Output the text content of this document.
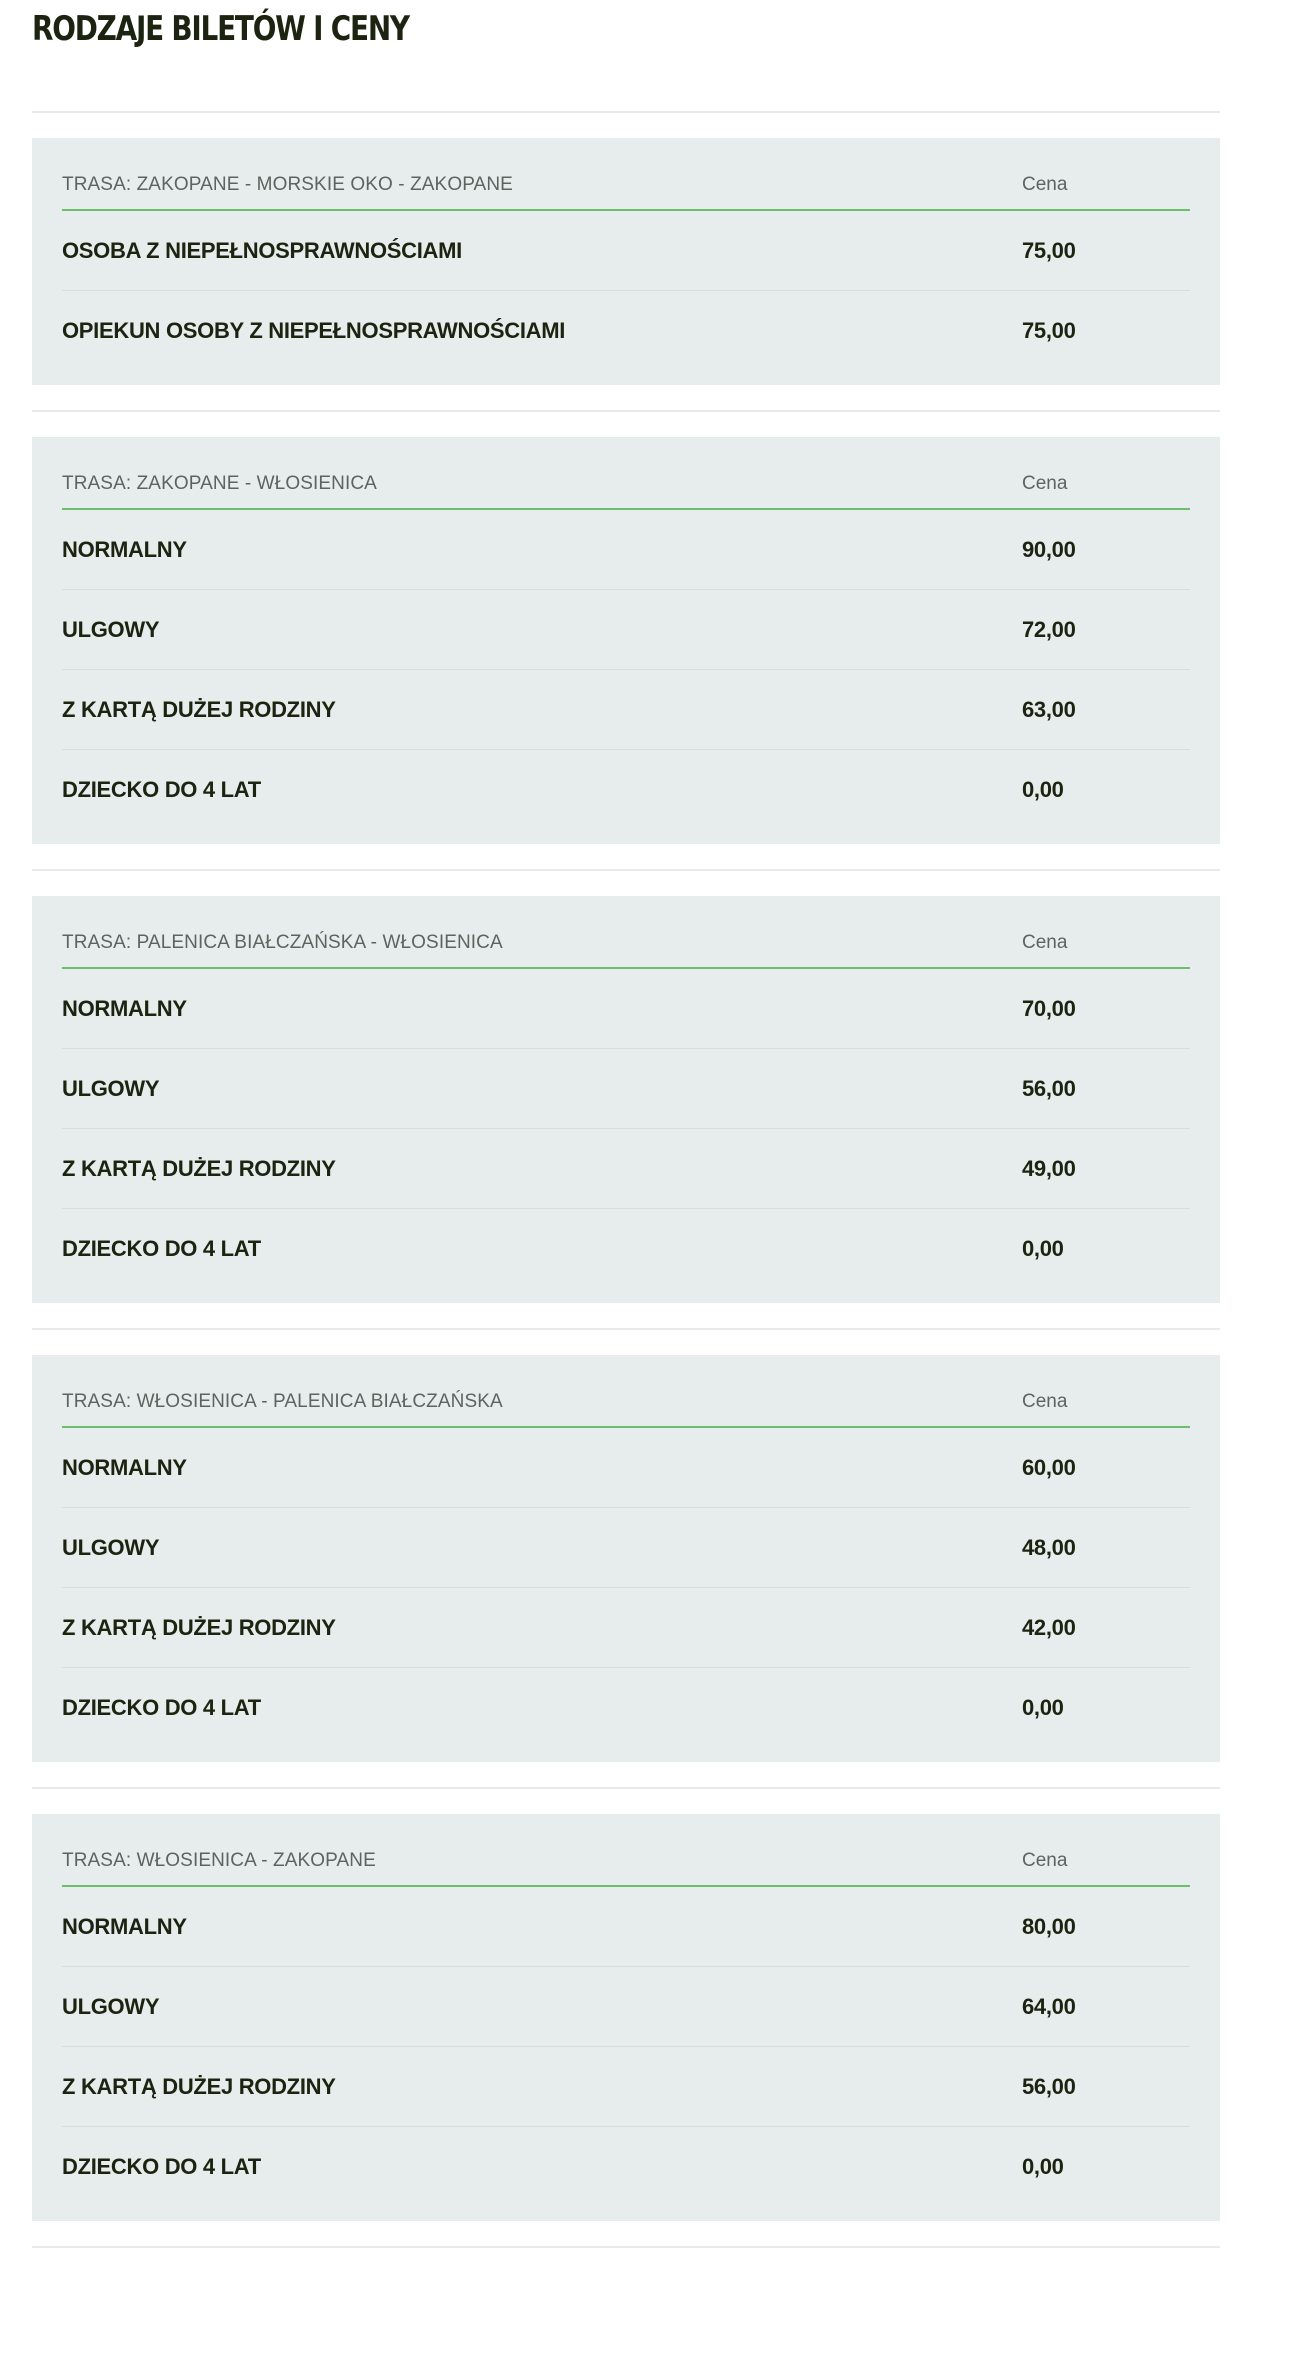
RODZAJE BILETÓW I CENY
TRASA: ZAKOPANE - MORSKIE OKO - ZAKOPANE	Cena
OSOBA Z NIEPEŁNOSPRAWNOŚCIAMI	75,00
OPIEKUN OSOBY Z NIEPEŁNOSPRAWNOŚCIAMI	75,00
TRASA: ZAKOPANE - WŁOSIENICA	Cena
NORMALNY	90,00
ULGOWY	72,00
Z KARTĄ DUŻEJ RODZINY	63,00
DZIECKO DO 4 LAT	0,00
TRASA: PALENICA BIAŁCZAŃSKA - WŁOSIENICA	Cena
NORMALNY	70,00
ULGOWY	56,00
Z KARTĄ DUŻEJ RODZINY	49,00
DZIECKO DO 4 LAT	0,00
TRASA: WŁOSIENICA - PALENICA BIAŁCZAŃSKA	Cena
NORMALNY	60,00
ULGOWY	48,00
Z KARTĄ DUŻEJ RODZINY	42,00
DZIECKO DO 4 LAT	0,00
TRASA: WŁOSIENICA - ZAKOPANE	Cena
NORMALNY	80,00
ULGOWY	64,00
Z KARTĄ DUŻEJ RODZINY	56,00
DZIECKO DO 4 LAT	0,00
